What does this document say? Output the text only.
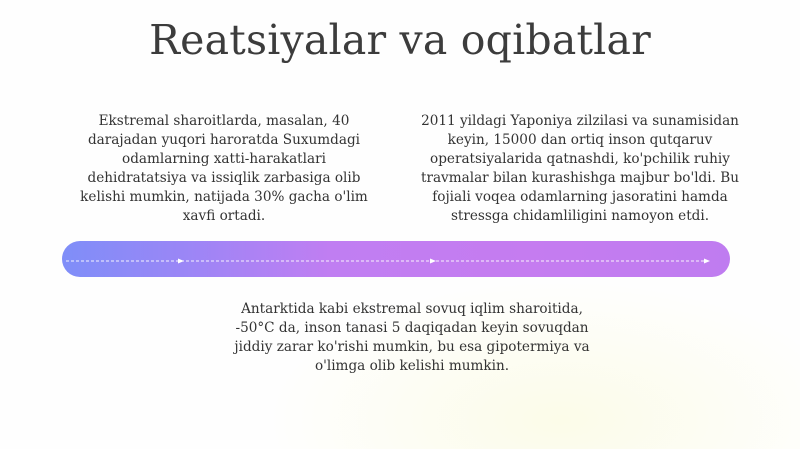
Reatsiyalar va oqibatlar

Ekstremal sharoitlarda, masalan, 40 darajadan yuqori haroratda Suxumdagi odamlarning xatti-harakatlari dehidratatsiya va issiqlik zarbasiga olib kelishi mumkin, natijada 30% gacha o'lim xavfi ortadi.

2011 yildagi Yaponiya zilzilasi va sunamisidan keyin, 15000 dan ortiq inson qutqaruv operatsiyalarida qatnashdi, ko'pchilik ruhiy travmalar bilan kurashishga majbur bo'ldi. Bu fojiali voqea odamlarning jasoratini hamda stressga chidamliligini namoyon etdi.

Antarktida kabi ekstremal sovuq iqlim sharoitida, -50°C da, inson tanasi 5 daqiqadan keyin sovuqdan jiddiy zarar ko'rishi mumkin, bu esa gipotermiya va o'limga olib kelishi mumkin.
